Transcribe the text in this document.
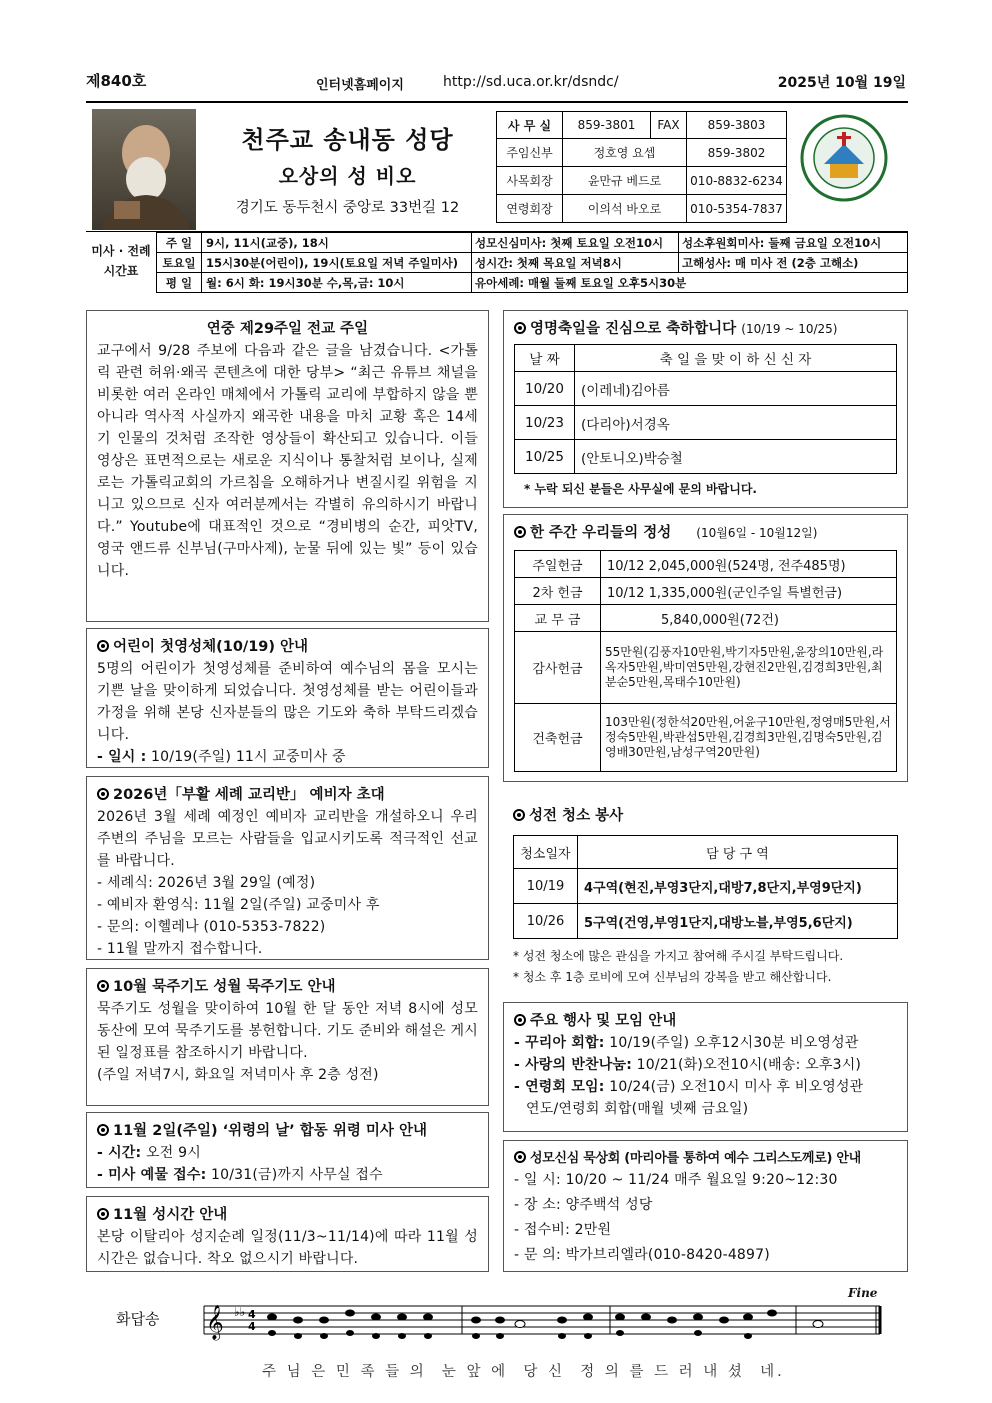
제840호	인터넷홈페이지	http://sd.uca.or.kr/dsndc/	2025년 10월 19일
천주교 송내동 성당
오상의 성 비오
경기도 동두천시 중앙로 33번길 12
사 무 실	859-3801	FAX	859-3803
주임신부	정호영 요셉		859-3802
사목회장	윤만규 베드로		010-8832-6234
연령회장	이의석 바오로		010-5354-7837
미사 · 전례
시간표
주 일	9시, 11시(교중), 18시	성모신심미사: 첫째 토요일 오전10시	성소후원회미사: 둘째 금요일 오전10시
토요일	15시30분(어린이), 19시(토요일 저녁 주일미사)	성시간: 첫째 목요일 저녁8시	고해성사: 매 미사 전 (2층 고해소)
평 일	월: 6시 화: 19시30분 수,목,금: 10시	유아세례: 매월 둘째 토요일 오후5시30분	
연중 제29주일 전교 주일
교구에서 9/28 주보에 다음과 같은 글을 남겼습니다. <가톨릭 관련 허위·왜곡 콘텐츠에 대한 당부> “최근 유튜브 채널을 비롯한 여러 온라인 매체에서 가톨릭 교리에 부합하지 않을 뿐 아니라 역사적 사실까지 왜곡한 내용을 마치 교황 혹은 14세기 인물의 것처럼 조작한 영상들이 확산되고 있습니다. 이들 영상은 표면적으로는 새로운 지식이나 통찰처럼 보이나, 실제로는 가톨릭교회의 가르침을 오해하거나 변질시킬 위험을 지니고 있으므로 신자 여러분께서는 각별히 유의하시기 바랍니다.” Youtube에 대표적인 것으로 “경비병의 순간, 피앗TV, 영국 앤드류 신부님(구마사제), 눈물 뒤에 있는 빛” 등이 있습니다.
어린이 첫영성체(10/19) 안내
5명의 어린이가 첫영성체를 준비하여 예수님의 몸을 모시는 기쁜 날을 맞이하게 되었습니다. 첫영성체를 받는 어린이들과 가정을 위해 본당 신자분들의 많은 기도와 축하 부탁드리겠습니다.
- 일시 : 10/19(주일) 11시 교중미사 중
2026년「부활 세례 교리반」 예비자 초대
2026년 3월 세례 예정인 예비자 교리반을 개설하오니 우리 주변의 주님을 모르는 사람들을 입교시키도록 적극적인 선교를 바랍니다.
- 세례식: 2026년 3월 29일 (예정)
- 예비자 환영식: 11월 2일(주일) 교중미사 후
- 문의: 이헬레나 (010-5353-7822)
- 11월 말까지 접수합니다.
10월 묵주기도 성월 묵주기도 안내
묵주기도 성월을 맞이하여 10월 한 달 동안 저녁 8시에 성모 동산에 모여 묵주기도를 봉헌합니다. 기도 준비와 해설은 게시된 일정표를 참조하시기 바랍니다.
(주일 저녁7시, 화요일 저녁미사 후 2층 성전)
11월 2일(주일) ‘위령의 날’ 합동 위령 미사 안내
- 시간: 오전 9시
- 미사 예물 접수: 10/31(금)까지 사무실 접수
11월 성시간 안내
본당 이탈리아 성지순례 일정(11/3~11/14)에 따라 11월 성시간은 없습니다. 착오 없으시기 바랍니다.
영명축일을 진심으로 축하합니다 (10/19 ~ 10/25)
날 짜	축 일 을 맞 이 하 신 신 자
10/20	(이레네)김아름
10/23	(다리아)서경옥
10/25	(안토니오)박승철
* 누락 되신 분들은 사무실에 문의 바랍니다.
한 주간 우리들의 정성 (10월6일 - 10월12일)
주일헌금	10/12 2,045,000원(524명, 전주485명)
2차 헌금	10/12 1,335,000원(군인주일 특별헌금)
교 무 금	5,840,000원(72건)
감사헌금	55만원(김풍자10만원,박기자5만원,윤장의10만원,라옥자5만원,박미연5만원,강현진2만원,김경희3만원,최분순5만원,목태수10만원)
건축헌금	103만원(정한석20만원,어윤구10만원,정영매5만원,서정숙5만원,박관섭5만원,김경희3만원,김명숙5만원,김영배30만원,남성구역20만원)
성전 청소 봉사
청소일자	담 당 구 역
10/19	4구역(현진,부영3단지,대방7,8단지,부영9단지)
10/26	5구역(건영,부영1단지,대방노블,부영5,6단지)
* 성전 청소에 많은 관심을 가지고 참여해 주시길 부탁드립니다.
* 청소 후 1층 로비에 모여 신부님의 강복을 받고 해산합니다.
주요 행사 및 모임 안내
- 꾸리아 회합: 10/19(주일) 오후12시30분 비오영성관
- 사랑의 반찬나눔: 10/21(화)오전10시(배송: 오후3시)
- 연령회 모임: 10/24(금) 오전10시 미사 후 비오영성관
연도/연령회 회합(매월 넷째 금요일)
성모신심 묵상회 (마리아를 통하여 예수 그리스도께로) 안내
- 일 시: 10/20 ~ 11/24 매주 월요일 9:20~12:30
- 장 소: 양주백석 성당
- 접수비: 2만원
- 문 의: 박가브리엘라(010-8420-4897)
화답송
Fine
𝄞 ♭♭ 4
4
주 님 은 민 족 들 의  눈 앞 에  당 신  정 의 를 드 러 내 셨  네.
